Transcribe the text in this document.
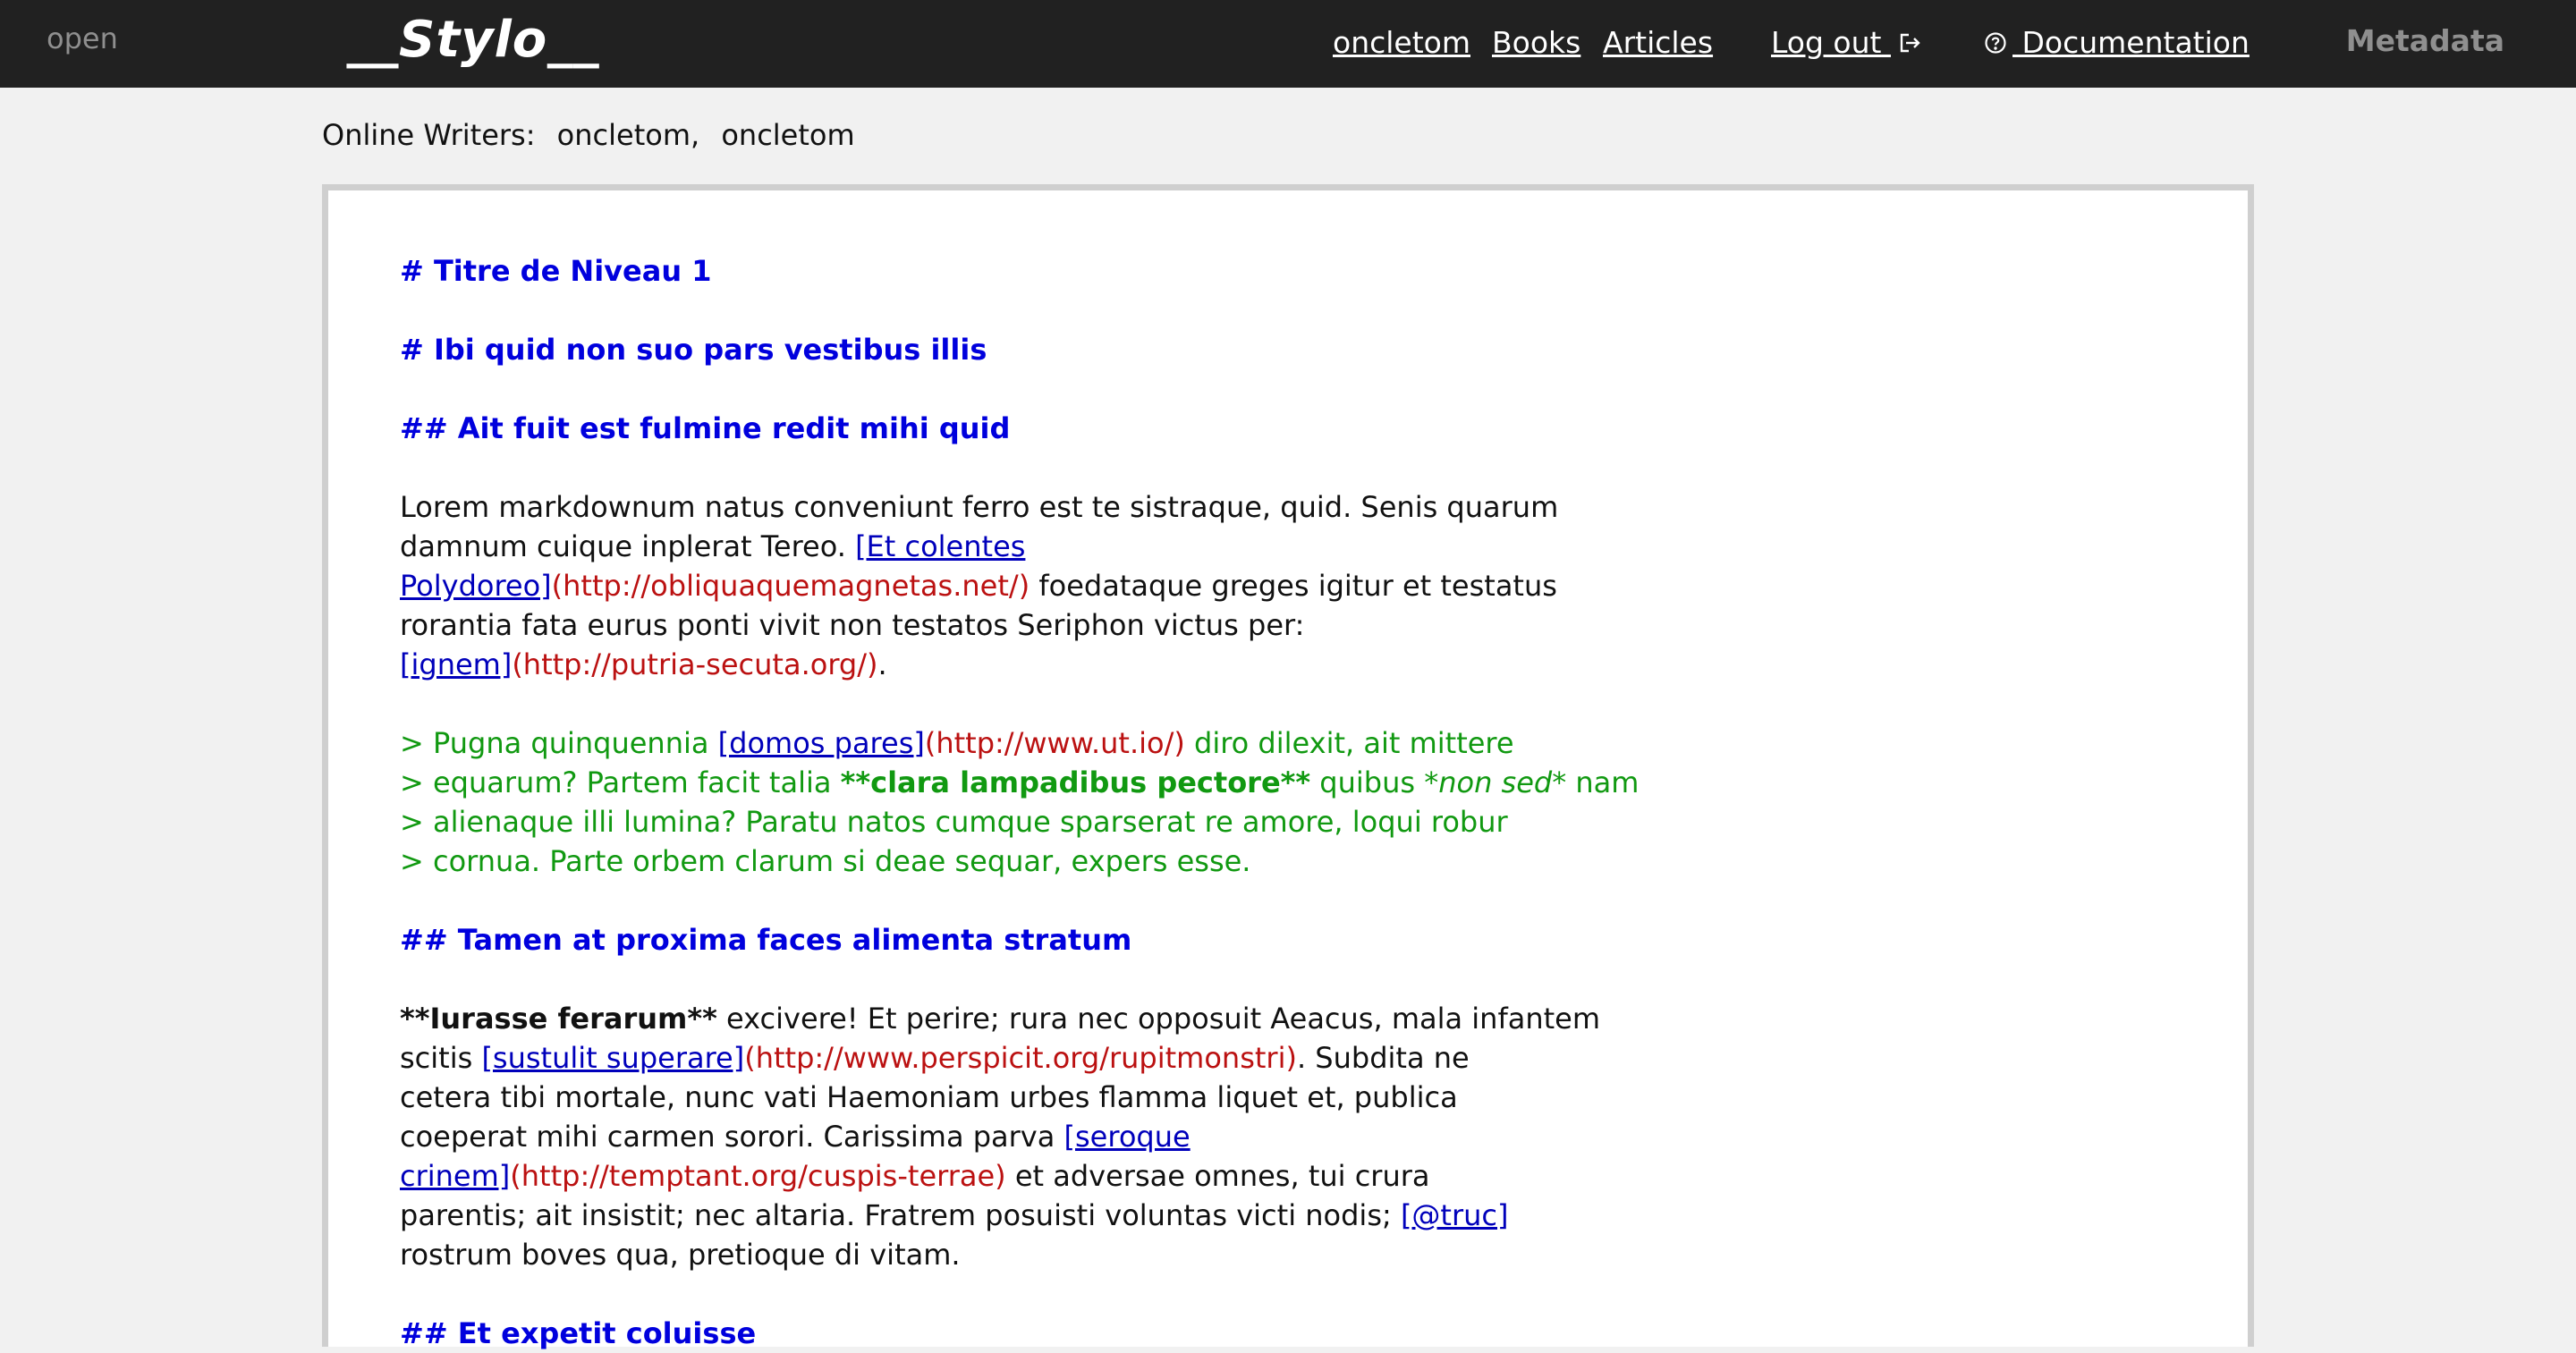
open	__Stylo__	oncletom Books Articles Log out	Documentation	Metadata
Online Writers: oncletom, oncletom
# Titre de Niveau 1
# Ibi quid non suo pars vestibus illis
## Ait fuit est fulmine redit mihi quid
Lorem markdownum natus conveniunt ferro est te sistraque, quid. Senis quarum
damnum cuique inplerat Tereo. [Et colentes
Polydoreo](http://obliquaquemagnetas.net/) foedataque greges igitur et testatus
rorantia fata eurus ponti vivit non testatos Seriphon victus per:
[ignem](http://putria-secuta.org/).
> Pugna quinquennia [domos pares](http://www.ut.io/) diro dilexit, ait mittere
> equarum? Partem facit talia **clara lampadibus pectore** quibus *non sed* nam
> alienaque illi lumina? Paratu natos cumque sparserat re amore, loqui robur
> cornua. Parte orbem clarum si deae sequar, expers esse.
## Tamen at proxima faces alimenta stratum
**Iurasse ferarum** excivere! Et perire; rura nec opposuit Aeacus, mala infantem
scitis [sustulit superare](http://www.perspicit.org/rupitmonstri). Subdita ne
cetera tibi mortale, nunc vati Haemoniam urbes flamma liquet et, publica
coeperat mihi carmen sorori. Carissima parva [seroque
crinem](http://temptant.org/cuspis-terrae) et adversae omnes, tui crura
parentis; ait insistit; nec altaria. Fratrem posuisti voluntas victi nodis; [@truc]
rostrum boves qua, pretioque di vitam.
## Et expetit coluisse
